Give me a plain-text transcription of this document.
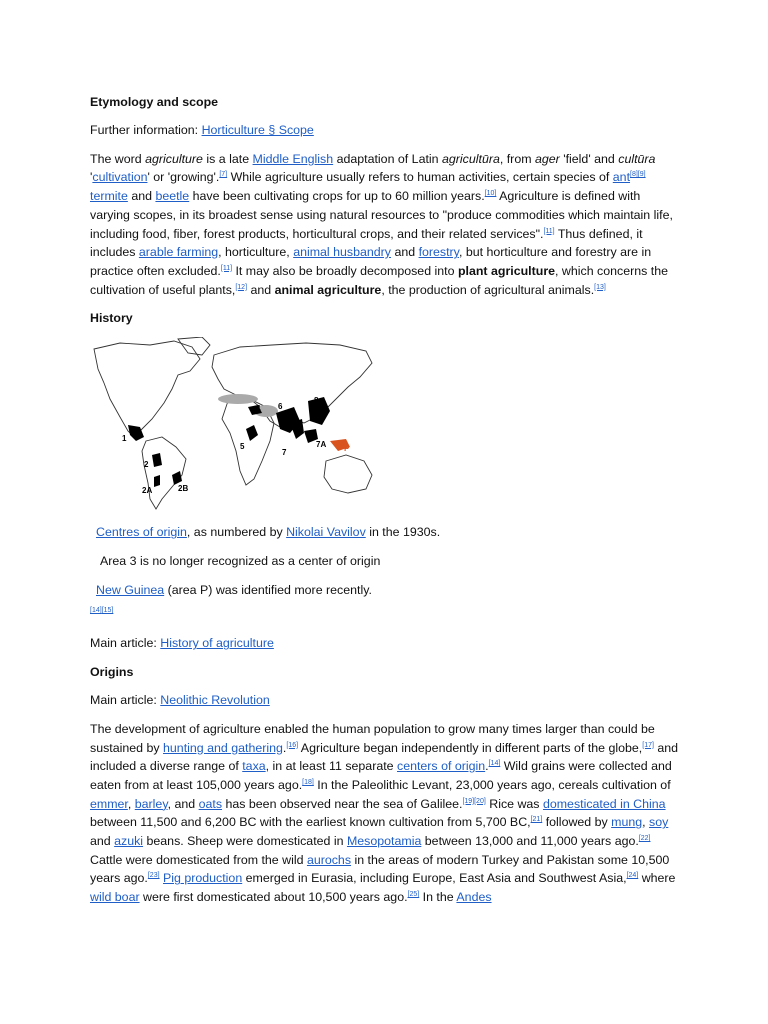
Etymology and scope

Further information: Horticulture § Scope

The word agriculture is a late Middle English adaptation of Latin agricultūra, from ager 'field' and cultūra 'cultivation' or 'growing'.[7] While agriculture usually refers to human activities, certain species of ant[8][9] termite and beetle have been cultivating crops for up to 60 million years.[10] Agriculture is defined with varying scopes, in its broadest sense using natural resources to "produce commodities which maintain life, including food, fiber, forest products, horticultural crops, and their related services".[11] Thus defined, it includes arable farming, horticulture, animal husbandry and forestry, but horticulture and forestry are in practice often excluded.[11] It may also be broadly decomposed into plant agriculture, which concerns the cultivation of useful plants,[12] and animal agriculture, the production of agricultural animals.[13]

History
1
2
2A	2B
4
5
6
7
7A
8
P

Centres of origin, as numbered by Nikolai Vavilov in the 1930s.

Area 3 is no longer recognized as a center of origin

New Guinea (area P) was identified more recently.

[14][15]

Main article: History of agriculture

Origins

Main article: Neolithic Revolution

The development of agriculture enabled the human population to grow many times larger than could be sustained by hunting and gathering.[16] Agriculture began independently in different parts of the globe,[17] and included a diverse range of taxa, in at least 11 separate centers of origin.[14] Wild grains were collected and eaten from at least 105,000 years ago.[18] In the Paleolithic Levant, 23,000 years ago, cereals cultivation of emmer, barley, and oats has been observed near the sea of Galilee.[19][20] Rice was domesticated in China between 11,500 and 6,200 BC with the earliest known cultivation from 5,700 BC,[21] followed by mung, soy and azuki beans. Sheep were domesticated in Mesopotamia between 13,000 and 11,000 years ago.[22] Cattle were domesticated from the wild aurochs in the areas of modern Turkey and Pakistan some 10,500 years ago.[23] Pig production emerged in Eurasia, including Europe, East Asia and Southwest Asia,[24] where wild boar were first domesticated about 10,500 years ago.[25] In the Andes
